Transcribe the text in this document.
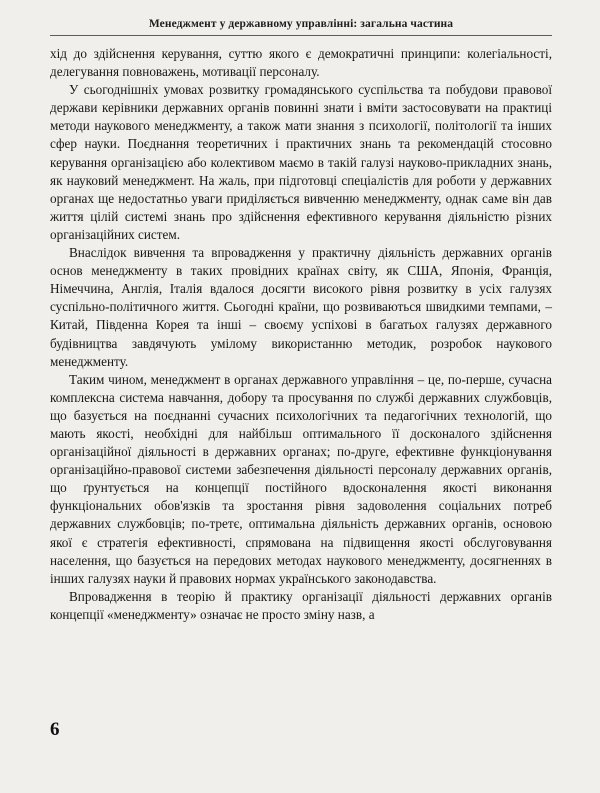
Менеджмент у державному управлінні: загальна частина

хід до здійснення керування, суттю якого є демократичні принципи: колегіальності, делегування повноважень, мотивації персоналу.

У сьогоднішніх умовах розвитку громадянського суспільства та побудови правової держави керівники державних органів повинні знати і вміти застосовувати на практиці методи наукового менеджменту, а також мати знання з психології, політології та інших сфер науки. Поєднання теоретичних і практичних знань та рекомендацій стосовно керування організацією або колективом маємо в такій галузі науково-прикладних знань, як науковий менеджмент. На жаль, при підготовці спеціалістів для роботи у державних органах ще недостатньо уваги приділяється вивченню менеджменту, однак саме він дав життя цілій системі знань про здійснення ефективного керування діяльністю різних організаційних систем.

Внаслідок вивчення та впровадження у практичну діяльність державних органів основ менеджменту в таких провідних країнах світу, як США, Японія, Франція, Німеччина, Англія, Італія вдалося досягти високого рівня розвитку в усіх галузях суспільно-політичного життя. Сьогодні країни, що розвиваються швидкими темпами, – Китай, Південна Корея та інші – своєму успіхові в багатьох галузях державного будівництва завдячують умілому використанню методик, розробок наукового менеджменту.

Таким чином, менеджмент в органах державного управління – це, по-перше, сучасна комплексна система навчання, добору та просування по службі державних службовців, що базується на поєднанні сучасних психологічних та педагогічних технологій, що мають якості, необхідні для найбільш оптимального її досконалого здійснення організаційної діяльності в державних органах; по-друге, ефективне функціонування організаційно-правової системи забезпечення діяльності персоналу державних органів, що ґрунтується на концепції постійного вдосконалення якості виконання функціональних обов'язків та зростання рівня задоволення соціальних потреб державних службовців; по-третє, оптимальна діяльність державних органів, основою якої є стратегія ефективності, спрямована на підвищення якості обслуговування населення, що базується на передових методах наукового менеджменту, досягненнях в інших галузях науки й правових нормах українського законодавства.

Впровадження в теорію й практику організації діяльності державних органів концепції «менеджменту» означає не просто зміну назв, а

6
